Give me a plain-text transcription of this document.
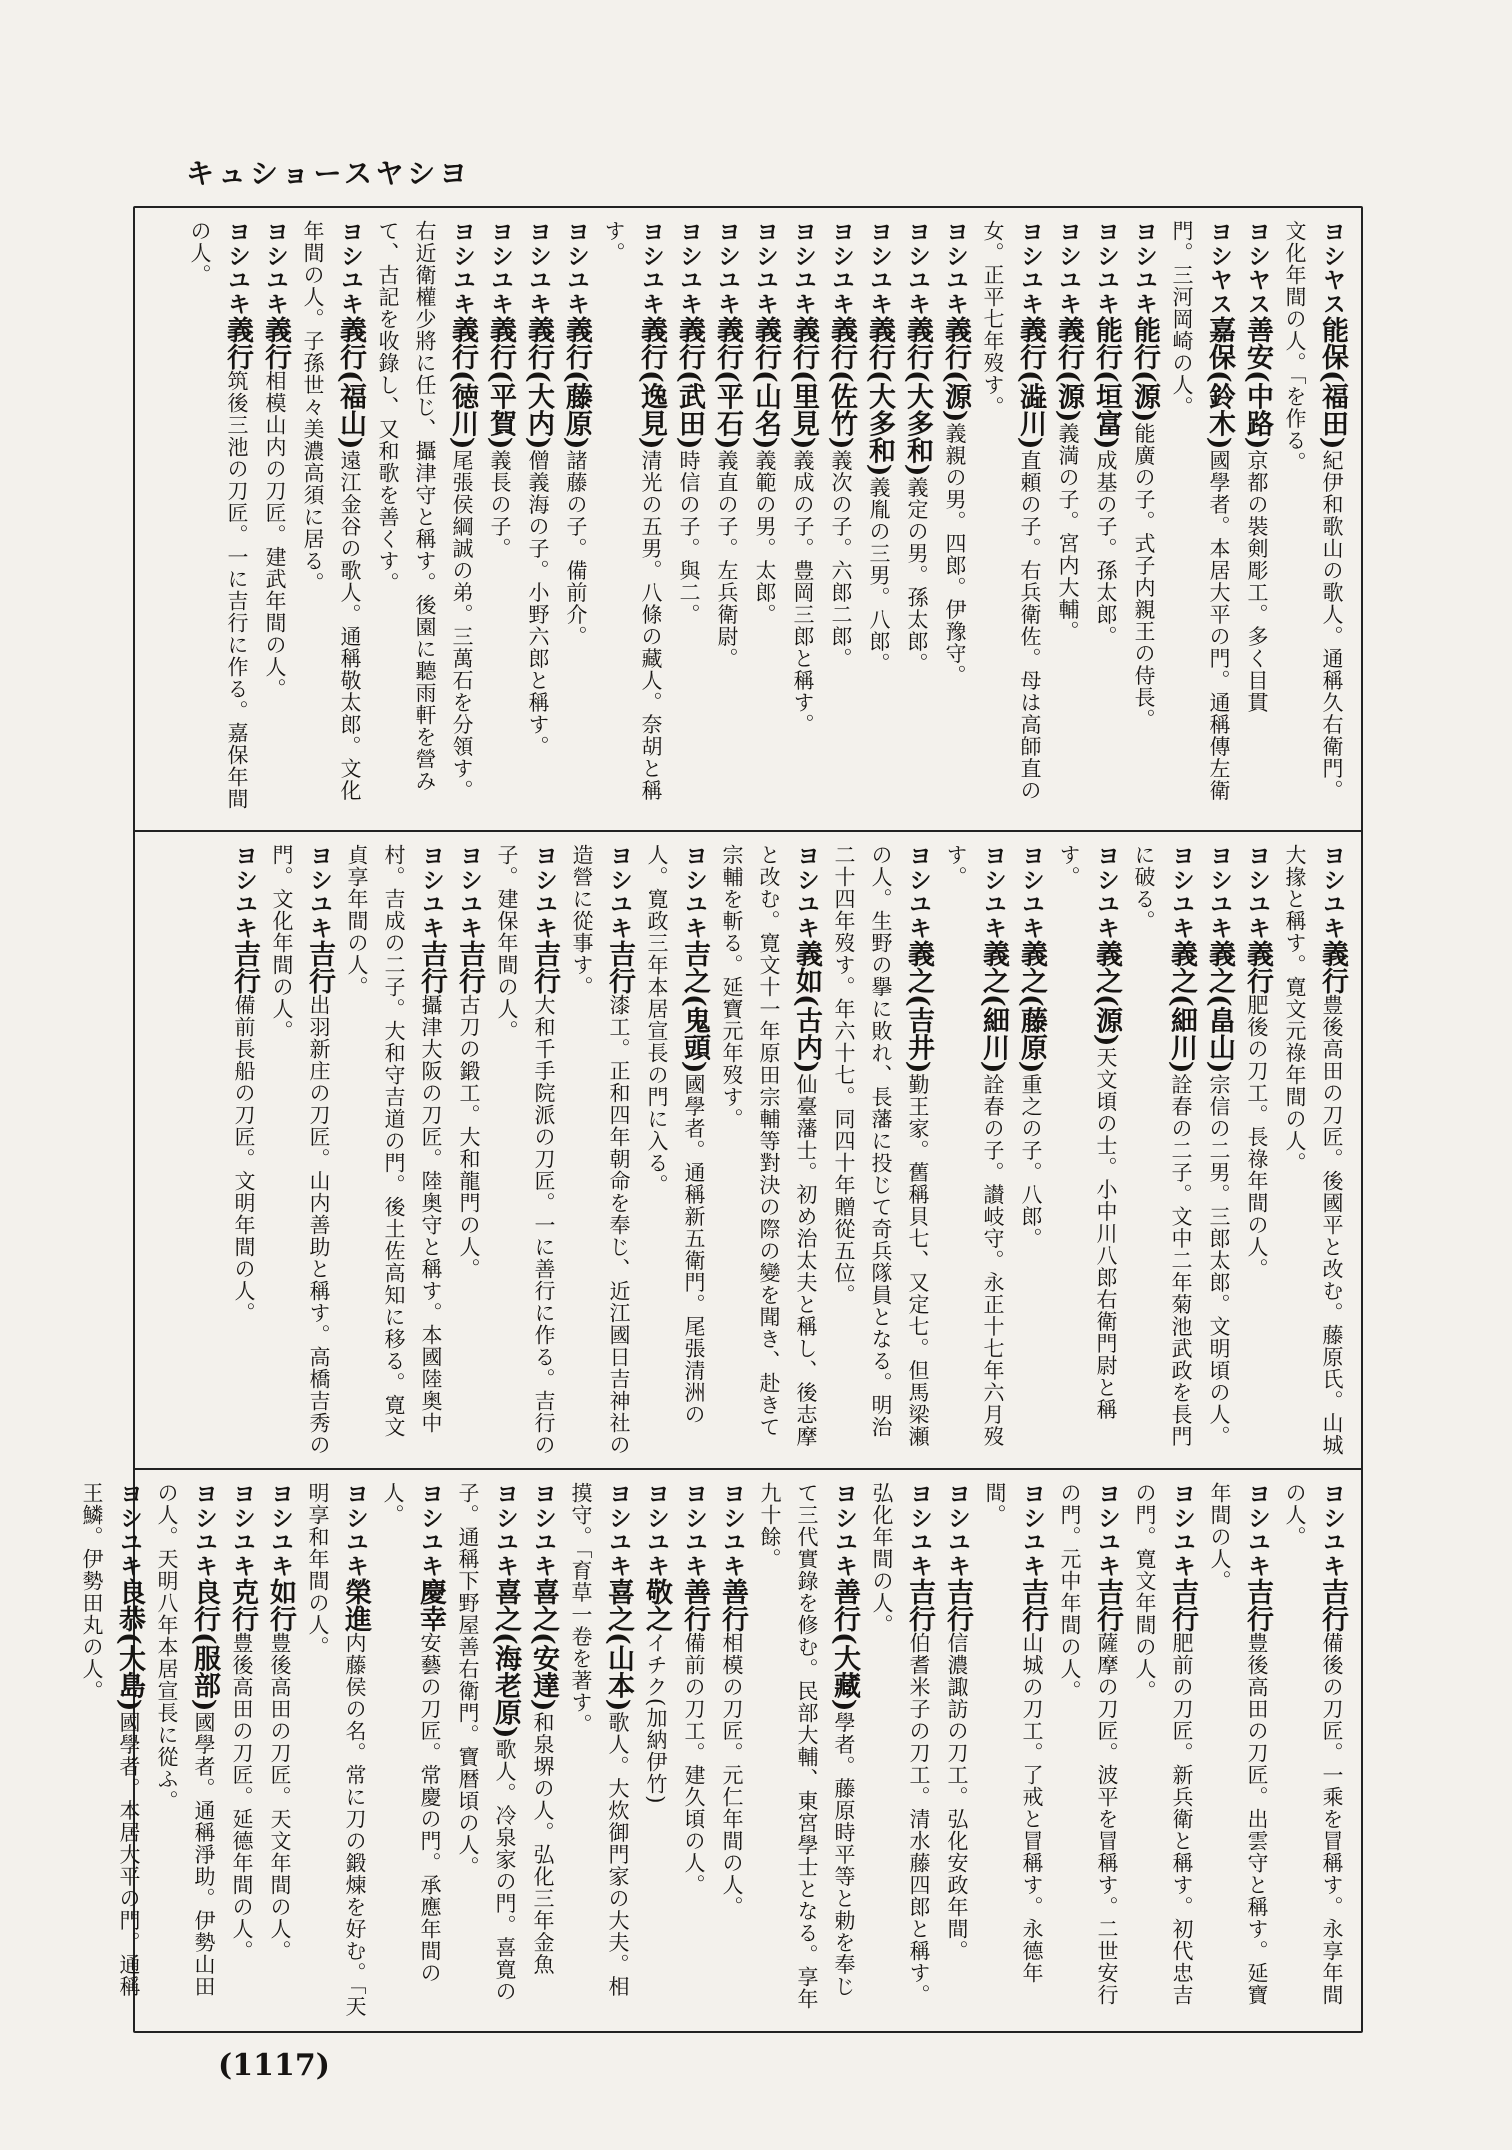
キュショースヤシヨ
ヨシヤス能保(福田)紀伊和歌山の歌人。通稱久右衛門。文化年間の人。「を作る。
ヨシヤス善安(中路)京都の裝剣彫工。多く目貫
ヨシヤス嘉保(鈴木)國學者。本居大平の門。通稱傳左衛門。三河岡崎の人。
ヨシユキ能行(源)能廣の子。式子内親王の侍長。
ヨシユキ能行(垣富)成基の子。孫太郎。
ヨシユキ義行(源)義満の子。宮内大輔。
ヨシユキ義行(澁川)直頼の子。右兵衛佐。母は高師直の女。正平七年歿す。
ヨシユキ義行(源)義親の男。四郎。伊豫守。
ヨシユキ義行(大多和)義定の男。孫太郎。
ヨシユキ義行(大多和)義胤の三男。八郎。
ヨシユキ義行(佐竹)義次の子。六郎二郎。
ヨシユキ義行(里見)義成の子。豊岡三郎と稱す。
ヨシユキ義行(山名)義範の男。太郎。
ヨシユキ義行(平石)義直の子。左兵衛尉。
ヨシユキ義行(武田)時信の子。與二。
ヨシユキ義行(逸見)清光の五男。八條の藏人。奈胡と稱す。
ヨシユキ義行(藤原)諸藤の子。備前介。
ヨシユキ義行(大内)僧義海の子。小野六郎と稱す。
ヨシユキ義行(平賀)義長の子。
ヨシユキ義行(徳川)尾張侯綱誠の弟。三萬石を分領す。右近衛權少將に任じ、攝津守と稱す。後園に聽雨軒を營みて、古記を收錄し、又和歌を善くす。
ヨシユキ義行(福山)遠江金谷の歌人。通稱敬太郎。文化年間の人。子孫世々美濃高須に居る。
ヨシユキ義行相模山内の刀匠。建武年間の人。
ヨシユキ義行筑後三池の刀匠。一に吉行に作る。嘉保年間の人。
ヨシユキ義行豊後高田の刀匠。後國平と改む。藤原氏。山城大掾と稱す。寛文元祿年間の人。
ヨシユキ義行肥後の刀工。長祿年間の人。
ヨシユキ義之(畠山)宗信の二男。三郎太郎。文明頃の人。
ヨシユキ義之(細川)詮春の二子。文中二年菊池武政を長門に破る。
ヨシユキ義之(源)天文頃の士。小中川八郎右衛門尉と稱す。
ヨシユキ義之(藤原)重之の子。八郎。
ヨシユキ義之(細川)詮春の子。讃岐守。永正十七年六月歿す。
ヨシユキ義之(吉井)勤王家。舊稱貝七、又定七。但馬梁瀬の人。生野の擧に敗れ、長藩に投じて奇兵隊員となる。明治二十四年歿す。年六十七。同四十年贈從五位。
ヨシユキ義如(古内)仙臺藩士。初め治太夫と稱し、後志摩と改む。寛文十一年原田宗輔等對決の際の變を聞き、赴きて宗輔を斬る。延寶元年歿す。
ヨシユキ吉之(鬼頭)國學者。通稱新五衛門。尾張清洲の人。寛政三年本居宣長の門に入る。
ヨシユキ吉行漆工。正和四年朝命を奉じ、近江國日吉神社の造營に從事す。
ヨシユキ吉行大和千手院派の刀匠。一に善行に作る。吉行の子。建保年間の人。
ヨシユキ吉行古刀の鍛工。大和龍門の人。
ヨシユキ吉行攝津大阪の刀匠。陸奥守と稱す。本國陸奥中村。吉成の二子。大和守吉道の門。後土佐高知に移る。寛文貞享年間の人。
ヨシユキ吉行出羽新庄の刀匠。山内善助と稱す。高橋吉秀の門。文化年間の人。
ヨシユキ吉行備前長船の刀匠。文明年間の人。
ヨシユキ吉行備後の刀匠。一乘を冒稱す。永享年間の人。
ヨシユキ吉行豊後高田の刀匠。出雲守と稱す。延寶年間の人。
ヨシユキ吉行肥前の刀匠。新兵衛と稱す。初代忠吉の門。寛文年間の人。
ヨシユキ吉行薩摩の刀匠。波平を冒稱す。二世安行の門。元中年間の人。
ヨシユキ吉行山城の刀工。了戒と冒稱す。永德年間。
ヨシユキ吉行信濃諏訪の刀工。弘化安政年間。
ヨシユキ吉行伯耆米子の刀工。清水藤四郎と稱す。弘化年間の人。
ヨシユキ善行(大藏)學者。藤原時平等と勅を奉じて三代實錄を修む。民部大輔、東宮學士となる。享年九十餘。
ヨシユキ善行相模の刀匠。元仁年間の人。
ヨシユキ善行備前の刀工。建久頃の人。
ヨシユキ敬之イチク(加納伊竹)
ヨシユキ喜之(山本)歌人。大炊御門家の大夫。相摸守。「育草一卷を著す。
ヨシユキ喜之(安達)和泉堺の人。弘化三年金魚
ヨシユキ喜之(海老原)歌人。冷泉家の門。喜寛の子。通稱下野屋善右衛門。寶暦頃の人。
ヨシユキ慶幸安藝の刀匠。常慶の門。承應年間の人。
ヨシユキ榮進内藤侯の名。常に刀の鍛煉を好む。「天明享和年間の人。
ヨシユキ如行豊後高田の刀匠。天文年間の人。
ヨシユキ克行豊後高田の刀匠。延德年間の人。
ヨシユキ良行(服部)國學者。通稱淨助。伊勢山田の人。天明八年本居宣長に從ふ。
ヨシユキ良恭(大島)國學者。本居大平の門。通稱王鱗。伊勢田丸の人。
(1117)
